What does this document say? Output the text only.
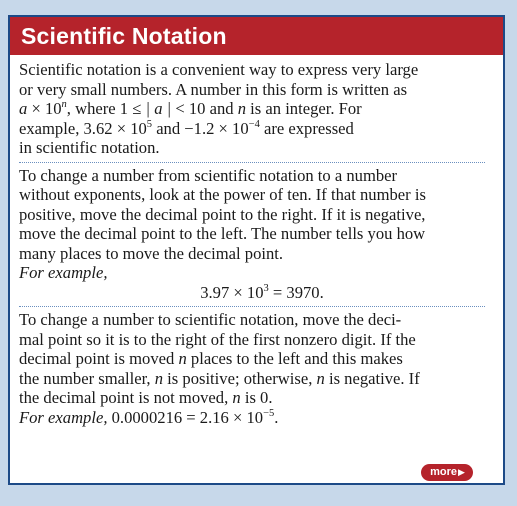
Scientific Notation

Scientific notation is a convenient way to express very large

or very small numbers. A number in this form is written as

$a \times 10^n$, where 1 ≤ | a | < 10 and n is an integer. For

example, $3.62 \times 10^5$ and $-1.2 \times 10^{-4}$ are expressed

in scientific notation.

To change a number from scientific notation to a number

without exponents, look at the power of ten. If that number is

positive, move the decimal point to the right. If it is negative,

move the decimal point to the left. The number tells you how

many places to move the decimal point.

For example,

$3.97 \times 10^3 = 3970$.

To change a number to scientific notation, move the deci-

mal point so it is to the right of the first nonzero digit. If the

decimal point is moved n places to the left and this makes

the number smaller, n is positive; otherwise, n is negative. If

the decimal point is not moved, n is 0.

For example, $0.0000216 = 2.16 \times 10^{-5}$.

more▶
